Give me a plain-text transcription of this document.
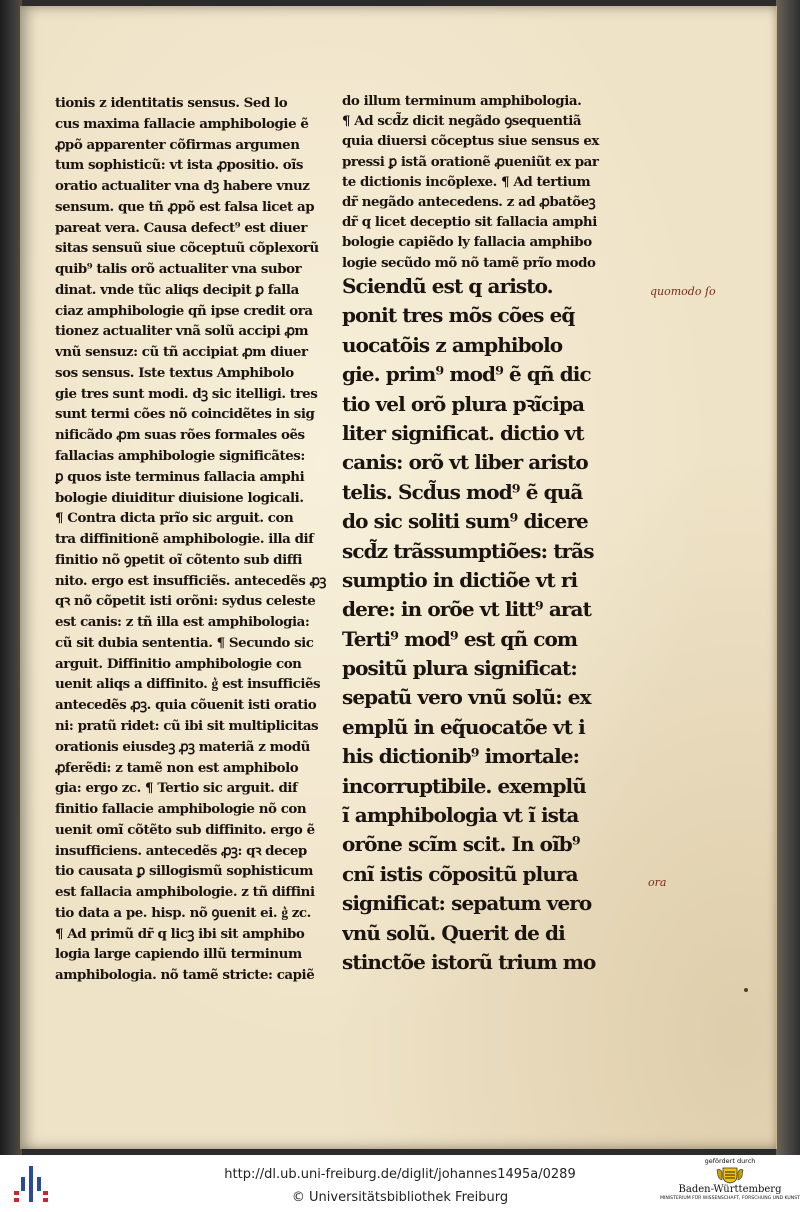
tionis z identitatis sensus. Sed lo
cus maxima fallacie amphibologie ẽ
ꝓpõ apparenter cõfirmas argumen
tum sophisticũ: vt ista ꝓpositio. oĩs
oratio actualiter vna dꝫ habere vnuz
sensum. que tñ ꝓpõ est falsa licet ap
pareat vera. Causa defect⁹ est diuer
sitas sensuũ siue cõceptuũ cõplexorũ
quib⁹ talis orõ actualiter vna subor
dinat. vnde tũc aliqs decipit ꝑ falla
ciaz amphibologie qñ ipse credit ora
tionez actualiter vnã solũ accipi ꝓm
vnũ sensuz: cũ tñ accipiat ꝓm diuer
sos sensus. Iste textus Amphibolo
gie tres sunt modi. dꝫ sic itelligi. tres
sunt termi cões nõ coincidẽtes in sig
nificãdo ꝓm suas rões formales oẽs
fallacias amphibologie significãtes:
ꝑ quos iste terminus fallacia amphi
bologie diuiditur diuisione logicali.
¶ Contra dicta prĩo sic arguit. con
tra diffinitionẽ amphibologie. illa dif
finitio nõ ꝯpetit oĩ cõtento sub diffi
nito. ergo est insufficiẽs. antecedẽs ꝓꝫ
qꝛ nõ cõpetit isti orõni: sydus celeste
est canis: z tñ illa est amphibologia:
cũ sit dubia sententia. ¶ Secundo sic
arguit. Diffinitio amphibologie con
uenit aliqs a diffinito. g͛ est insufficiẽs
antecedẽs ꝓꝫ. quia cõuenit isti oratio
ni: pratũ ridet: cũ ibi sit multiplicitas
orationis eiusdeꝫ ꝓꝫ materiã z modũ
ꝓferẽdi: z tamẽ non est amphibolo
gia: ergo zc. ¶ Tertio sic arguit. dif
finitio fallacie amphibologie nõ con
uenit omĩ cõtẽto sub diffinito. ergo ẽ
insufficiens. antecedẽs ꝓꝫ: qꝛ decep
tio causata ꝑ sillogismũ sophisticum
est fallacia amphibologie. z tñ diffini
tio data a pe. hisp. nõ ꝯuenit ei. g͛ zc.
¶ Ad primũ dr̃ q licꝫ ibi sit amphibo
logia large capiendo illũ terminum
amphibologia. nõ tamẽ stricte: capiẽ
do illum terminum amphibologia.
¶ Ad scd̃z dicit negãdo ꝯsequentiã
quia diuersi cõceptus siue sensus ex
pressi ꝑ istã orationẽ ꝓueniũt ex par
te dictionis incõplexe. ¶ Ad tertium
dr̃ negãdo antecedens. z ad ꝓbatõeꝫ
dr̃ q licet deceptio sit fallacia amphi
bologie capiẽdo ly fallacia amphibo
logie secũdo mõ nõ tamẽ prĩo modo
Sciendũ est q aristo.
ponit tres mõs cões eq̃
uocatõis z amphibolo
gie. prim⁹ mod⁹ ẽ qñ dic
tio vel orõ plura pꝛĩcipa
liter significat. dictio vt
canis: orõ vt liber aristo
telis. Scd̃us mod⁹ ẽ quã
do sic soliti sum⁹ dicere
scd̃z trãssumptiões: trãs
sumptio in dictiõe vt ri
dere: in orõe vt litt⁹ arat
Terti⁹ mod⁹ est qñ com
positũ plura significat:
sepatũ vero vnũ solũ: ex
emplũ in eq̃uocatõe vt i
his dictionib⁹ imortale:
incorruptibile. exemplũ
ĩ amphibologia vt ĩ ista
orõne scĩm scit. In oĩb⁹
cnĩ istis cõpositũ plura
significat: sepatum vero
vnũ solũ. Querit de di
stinctõe istorũ trium mo
quomodo ſo
ora
http://dl.ub.uni-freiburg.de/diglit/johannes1495a/0289
© Universitätsbibliothek Freiburg
gefördert durch
Baden-Württemberg
MINISTERIUM FÜR WISSENSCHAFT, FORSCHUNG UND KUNST
